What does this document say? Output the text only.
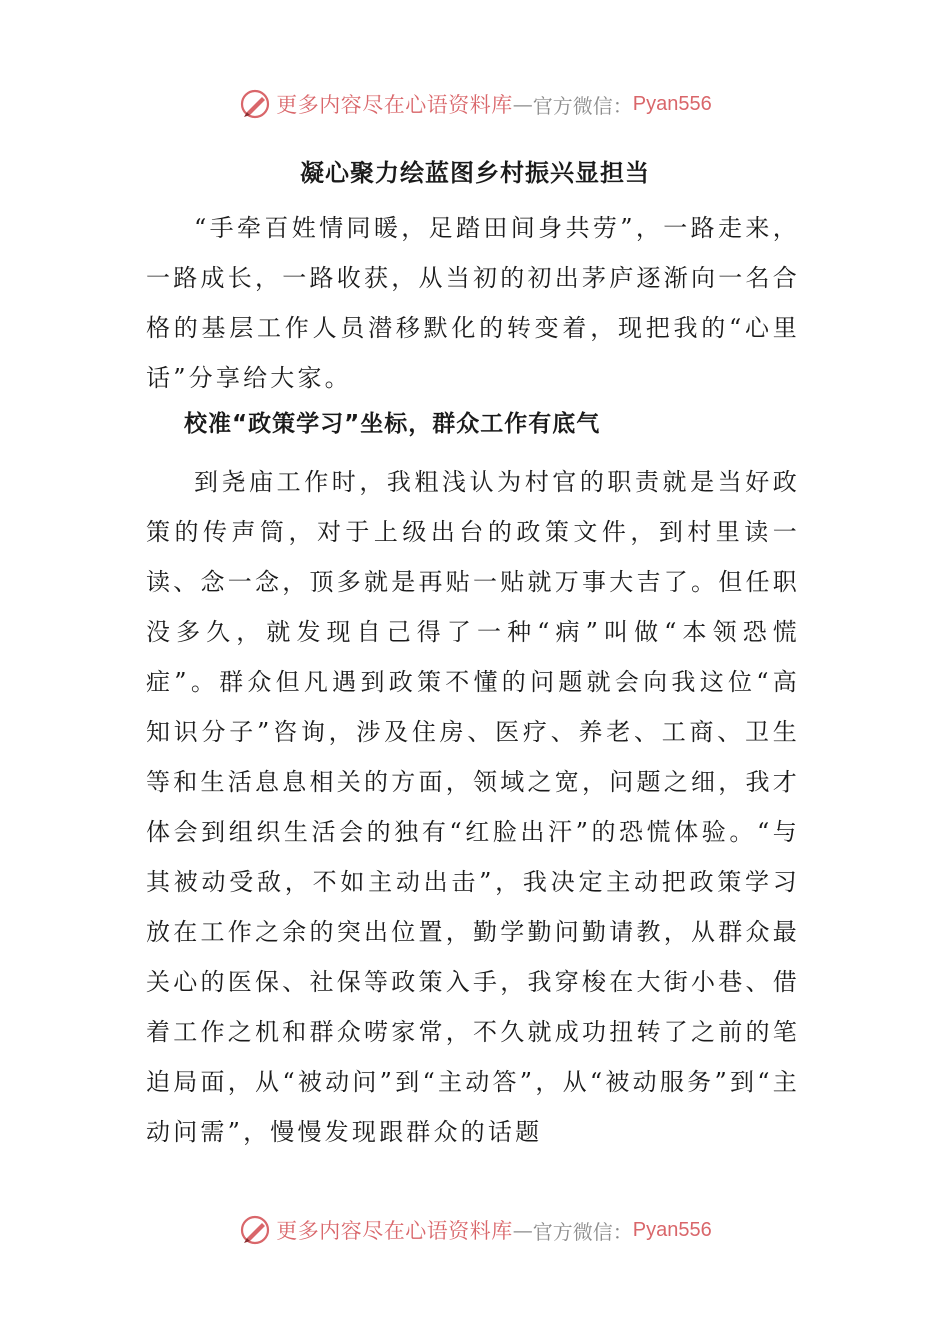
更多内容尽在心语资料库 — 官方微信： Pyan556
凝心聚力绘蓝图乡村振兴显担当

“手牵百姓情同暖，足踏田间身共劳”，一路走来，一路成长，一路收获，从当初的初出茅庐逐渐向一名合格的基层工作人员潜移默化的转变着，现把我的“心里话”分享给大家。

校准“政策学习”坐标，群众工作有底气

到尧庙工作时，我粗浅认为村官的职责就是当好政策的传声筒，对于上级出台的政策文件，到村里读一读、念一念，顶多就是再贴一贴就万事大吉了。但任职没多久，就发现自己得了一种“病”叫做“本领恐慌症”。群众但凡遇到政策不懂的问题就会向我这位“高知识分子”咨询，涉及住房、医疗、养老、工商、卫生等和生活息息相关的方面，领域之宽，问题之细，我才体会到组织生活会的独有“红脸出汗”的恐慌体验。“与其被动受敌，不如主动出击”，我决定主动把政策学习放在工作之余的突出位置，勤学勤问勤请教，从群众最关心的医保、社保等政策入手，我穿梭在大街小巷、借着工作之机和群众唠家常，不久就成功扭转了之前的笔迫局面，从“被动问”到“主动答”，从“被动服务”到“主动问需”，慢慢发现跟群众的话题

更多内容尽在心语资料库 — 官方微信： Pyan556
